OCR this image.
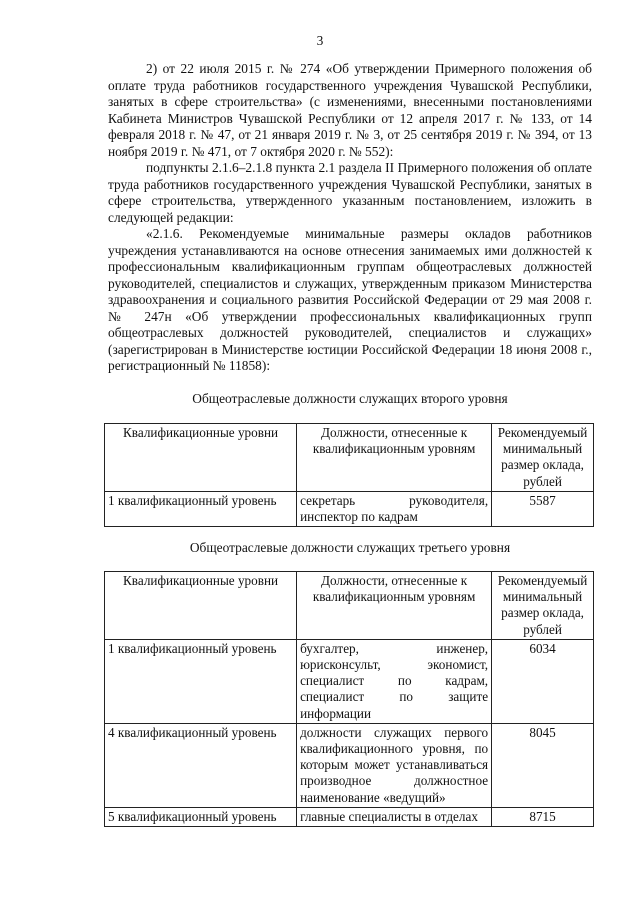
3

2) от 22 июля 2015 г. № 274 «Об утверждении Примерного положения об оплате труда работников государственного учреждения Чувашской Республики, занятых в сфере строительства» (с изменениями, внесенными постановлениями Кабинета Министров Чувашской Республики от 12 апреля 2017 г. № 133, от 14 февраля 2018 г. № 47, от 21 января 2019 г. № 3, от 25 сентября 2019 г. № 394, от 13 ноября 2019 г. № 471, от 7 октября 2020 г. № 552):

подпункты 2.1.6–2.1.8 пункта 2.1 раздела II Примерного положения об оплате труда работников государственного учреждения Чувашской Республики, занятых в сфере строительства, утвержденного указанным постановлением, изложить в следующей редакции:

«2.1.6. Рекомендуемые минимальные размеры окладов работников учреждения устанавливаются на основе отнесения занимаемых ими должностей к профессиональным квалификационным группам общеотраслевых должностей руководителей, специалистов и служащих, утвержденным приказом Министерства здравоохранения и социального развития Российской Федерации от 29 мая 2008 г. № 247н «Об утверждении профессиональных квалификационных групп общеотраслевых должностей руководителей, специалистов и служащих» (зарегистрирован в Министерстве юстиции Российской Федерации 18 июня 2008 г., регистрационный № 11858):

Общеотраслевые должности служащих второго уровня
Квалификационные уровни	Должности, отнесенные к квалификационным уровням	Рекомендуемый минимальный размер оклада, рублей
1 квалификационный уровень	секретарь руководителя, инспектор по кадрам	5587
Общеотраслевые должности служащих третьего уровня
Квалификационные уровни	Должности, отнесенные к квалификационным уровням	Рекомендуемый минимальный размер оклада, рублей
1 квалификационный уровень	бухгалтер, инженер, юрисконсульт, экономист, специалист по кадрам, специалист по защите информации	6034
4 квалификационный уровень	должности служащих первого квалификационного уровня, по которым может устанавливаться производное должностное наименование «ведущий»	8045
5 квалификационный уровень	главные специалисты в отделах	8715
